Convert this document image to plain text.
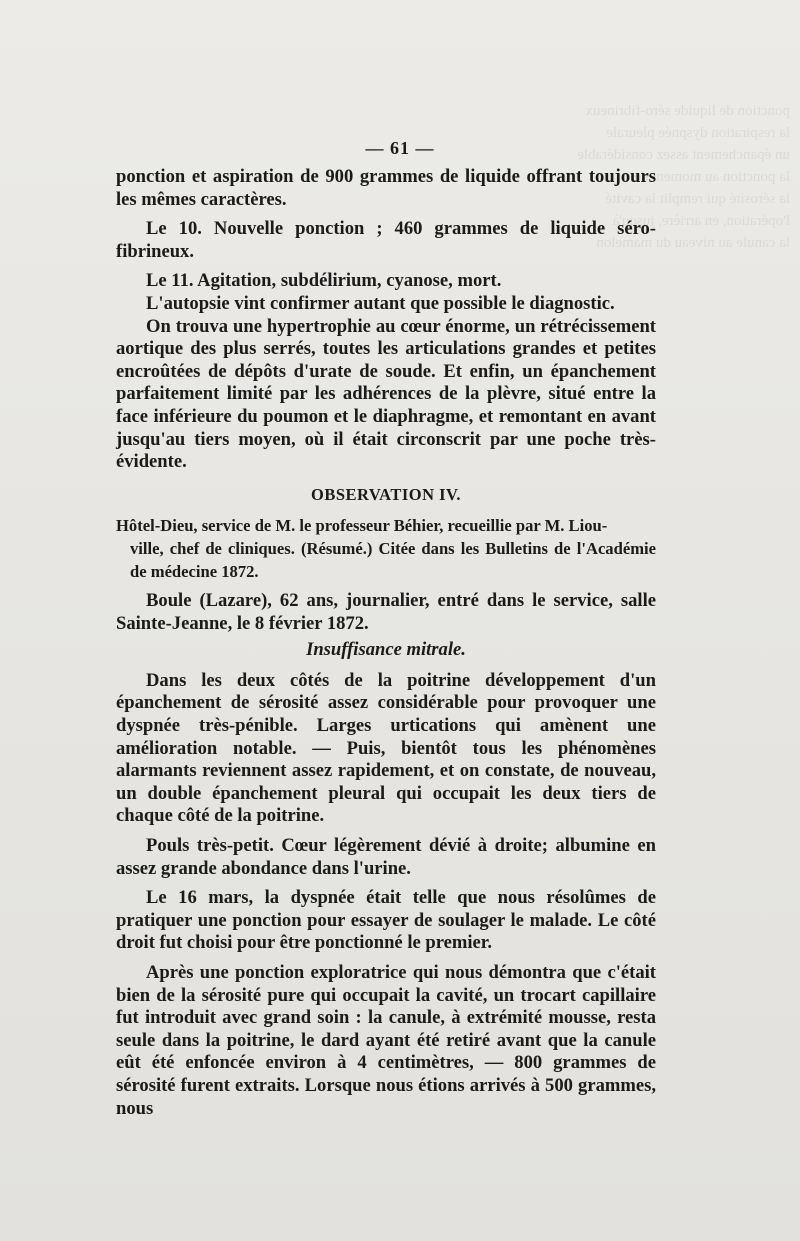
ponction de liquide séro-fibrineux
la respiration dyspnée pleurale
un épanchement assez considérable
la ponction au moment de
la sérosité qui remplit la cavité
l'opération, en arrière, jusqu'à
la canule au niveau du mamelon
— 61 —

ponction et aspiration de 900 grammes de liquide offrant toujours les mêmes caractères.

Le 10. Nouvelle ponction ; 460 grammes de liquide séro-fibrineux.

Le 11. Agitation, subdélirium, cyanose, mort.

L'autopsie vint confirmer autant que possible le diagnostic.

On trouva une hypertrophie au cœur énorme, un rétrécissement aortique des plus serrés, toutes les articulations grandes et petites encroûtées de dépôts d'urate de soude. Et enfin, un épanchement parfaitement limité par les adhérences de la plèvre, situé entre la face inférieure du poumon et le diaphragme, et remontant en avant jusqu'au tiers moyen, où il était circonscrit par une poche très-évidente.

OBSERVATION IV.

Hôtel-Dieu, service de M. le professeur Béhier, recueillie par M. Liou-

ville, chef de cliniques. (Résumé.) Citée dans les Bulletins de l'Académie de médecine 1872.

Boule (Lazare), 62 ans, journalier, entré dans le service, salle Sainte-Jeanne, le 8 février 1872.

Insuffisance mitrale.

Dans les deux côtés de la poitrine développement d'un épanchement de sérosité assez considérable pour provoquer une dyspnée très-pénible. Larges urtications qui amènent une amélioration notable. — Puis, bientôt tous les phénomènes alarmants reviennent assez rapidement, et on constate, de nouveau, un double épanchement pleural qui occupait les deux tiers de chaque côté de la poitrine.

Pouls très-petit. Cœur légèrement dévié à droite; albumine en assez grande abondance dans l'urine.

Le 16 mars, la dyspnée était telle que nous résolûmes de pratiquer une ponction pour essayer de soulager le malade. Le côté droit fut choisi pour être ponctionné le premier.

Après une ponction exploratrice qui nous démontra que c'était bien de la sérosité pure qui occupait la cavité, un trocart capillaire fut introduit avec grand soin : la canule, à extrémité mousse, resta seule dans la poitrine, le dard ayant été retiré avant que la canule eût été enfoncée environ à 4 centimètres, — 800 grammes de sérosité furent extraits. Lorsque nous étions arrivés à 500 grammes, nous
